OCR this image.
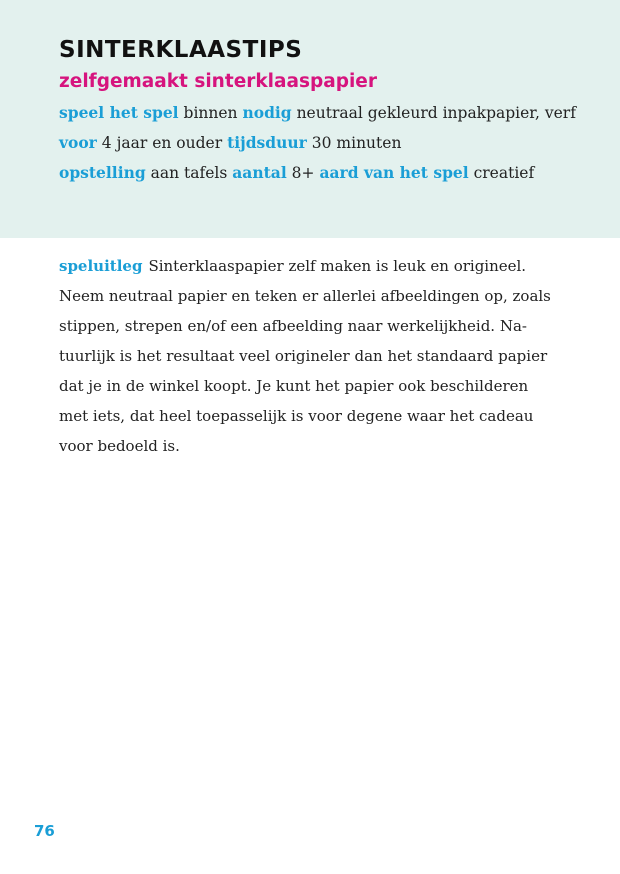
SINTERKLAASTIPS
zelfgemaakt sinterklaaspapier
speel het spel binnen nodig neutraal gekleurd inpakpapier, verf
voor 4 jaar en ouder tijdsduur 30 minuten
opstelling aan tafels aantal 8+ aard van het spel creatief

speluitleg Sinterklaaspapier zelf maken is leuk en origineel.
Neem neutraal papier en teken er allerlei afbeeldingen op, zoals
stippen, strepen en/of een afbeelding naar werkelijkheid. Na-
tuurlijk is het resultaat veel origineler dan het standaard papier
dat je in de winkel koopt. Je kunt het papier ook beschilderen
met iets, dat heel toepasselijk is voor degene waar het cadeau
voor bedoeld is.

76
